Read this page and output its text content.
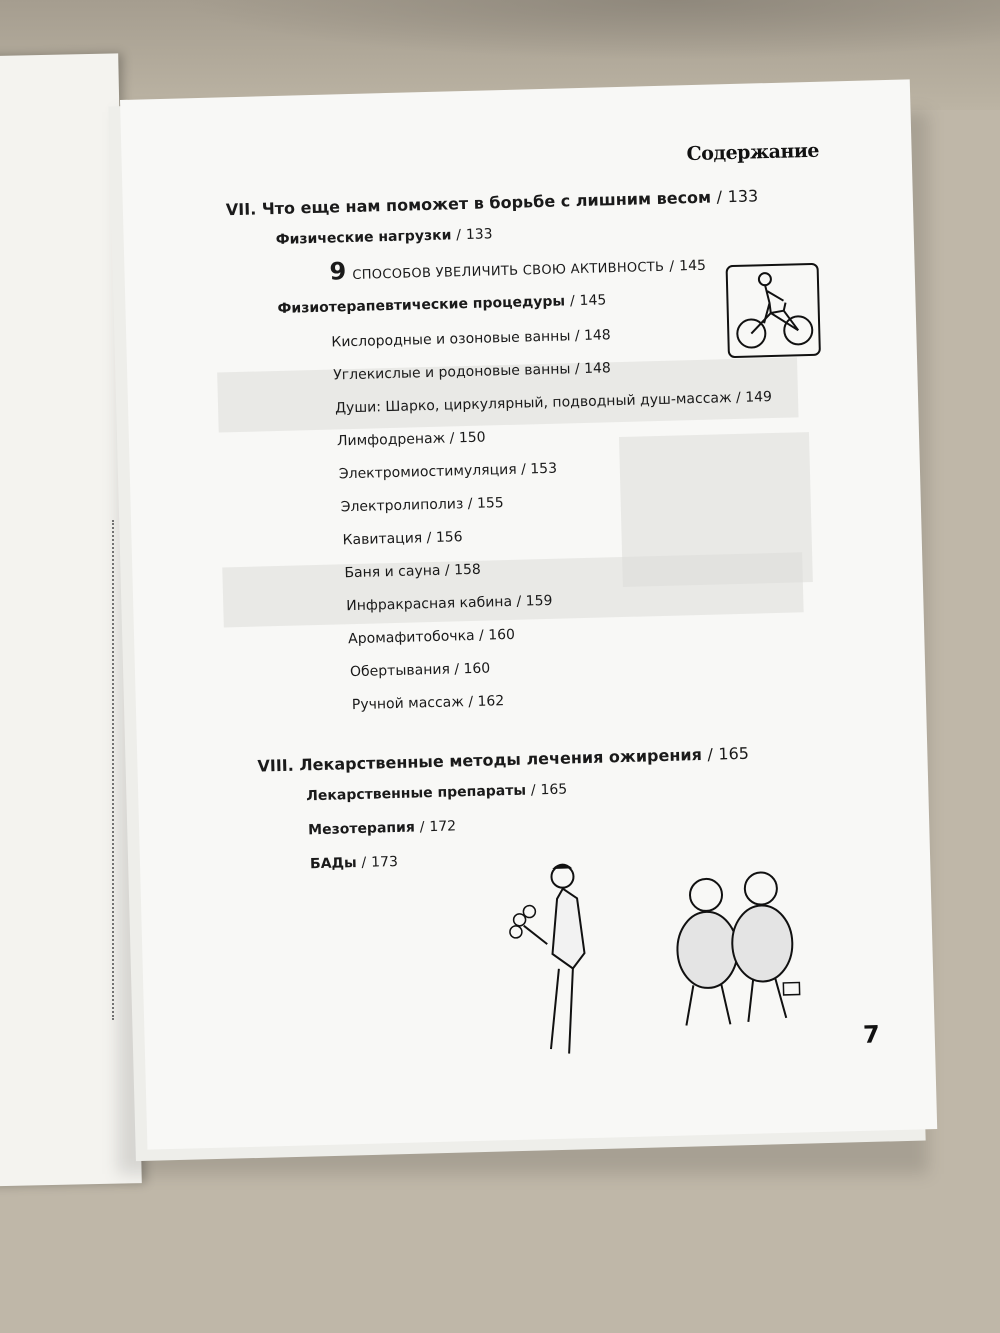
Содержание
VII. Что еще нам поможет в борьбе с лишним весом / 133
Физические нагрузки / 133
9 СПОСОБОВ УВЕЛИЧИТЬ СВОЮ АКТИВНОСТЬ / 145
Физиотерапевтические процедуры / 145
Кислородные и озоновые ванны / 148
Углекислые и родоновые ванны / 148
Души: Шарко, циркулярный, подводный душ-массаж / 149
Лимфодренаж / 150
Электромиостимуляция / 153
Электролиполиз / 155
Кавитация / 156
Баня и сауна / 158
Инфракрасная кабина / 159
Аромафитобочка / 160
Обертывания / 160
Ручной массаж / 162
VIII. Лекарственные методы лечения ожирения / 165
Лекарственные препараты / 165
Мезотерапия / 172
БАДы / 173
7
